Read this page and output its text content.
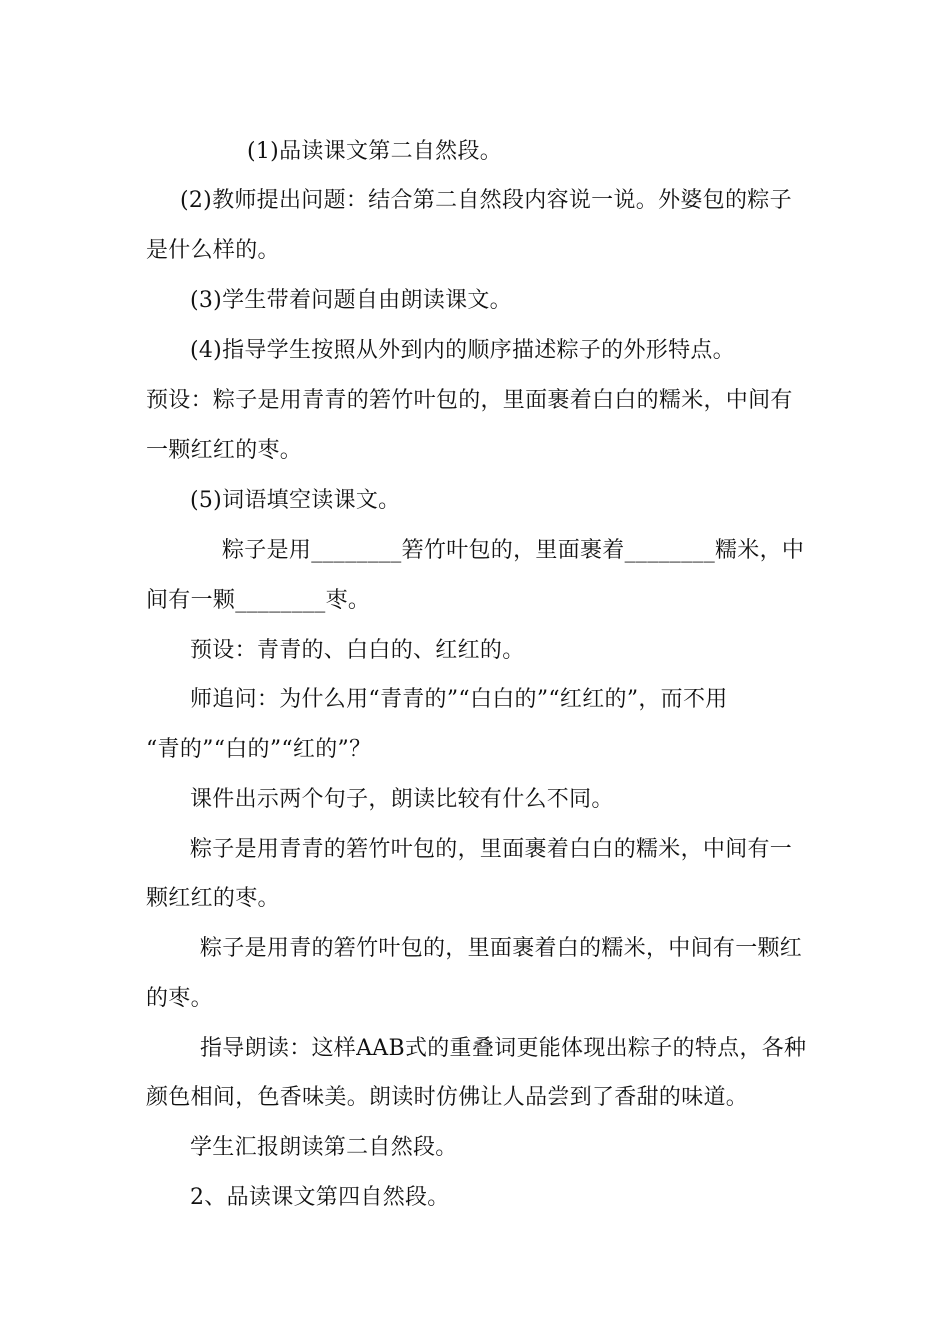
(1)品读课文第二自然段。
(2)教师提出问题：结合第二自然段内容说一说。外婆包的粽子
是什么样的。
(3)学生带着问题自由朗读课文。
(4)指导学生按照从外到内的顺序描述粽子的外形特点。
预设：粽子是用青青的箬竹叶包的，里面裹着白白的糯米，中间有
一颗红红的枣。
(5)词语填空读课文。
粽子是用________箬竹叶包的，里面裹着________糯米，中
间有一颗________枣。
预设：青青的、白白的、红红的。
师追问：为什么用“青青的”“白白的”“红红的”，而不用
“青的”“白的”“红的”？
课件出示两个句子，朗读比较有什么不同。
粽子是用青青的箬竹叶包的，里面裹着白白的糯米，中间有一
颗红红的枣。
粽子是用青的箬竹叶包的，里面裹着白的糯米，中间有一颗红
的枣。
指导朗读：这样AAB式的重叠词更能体现出粽子的特点，各种
颜色相间，色香味美。朗读时仿佛让人品尝到了香甜的味道。
学生汇报朗读第二自然段。
2、品读课文第四自然段。
